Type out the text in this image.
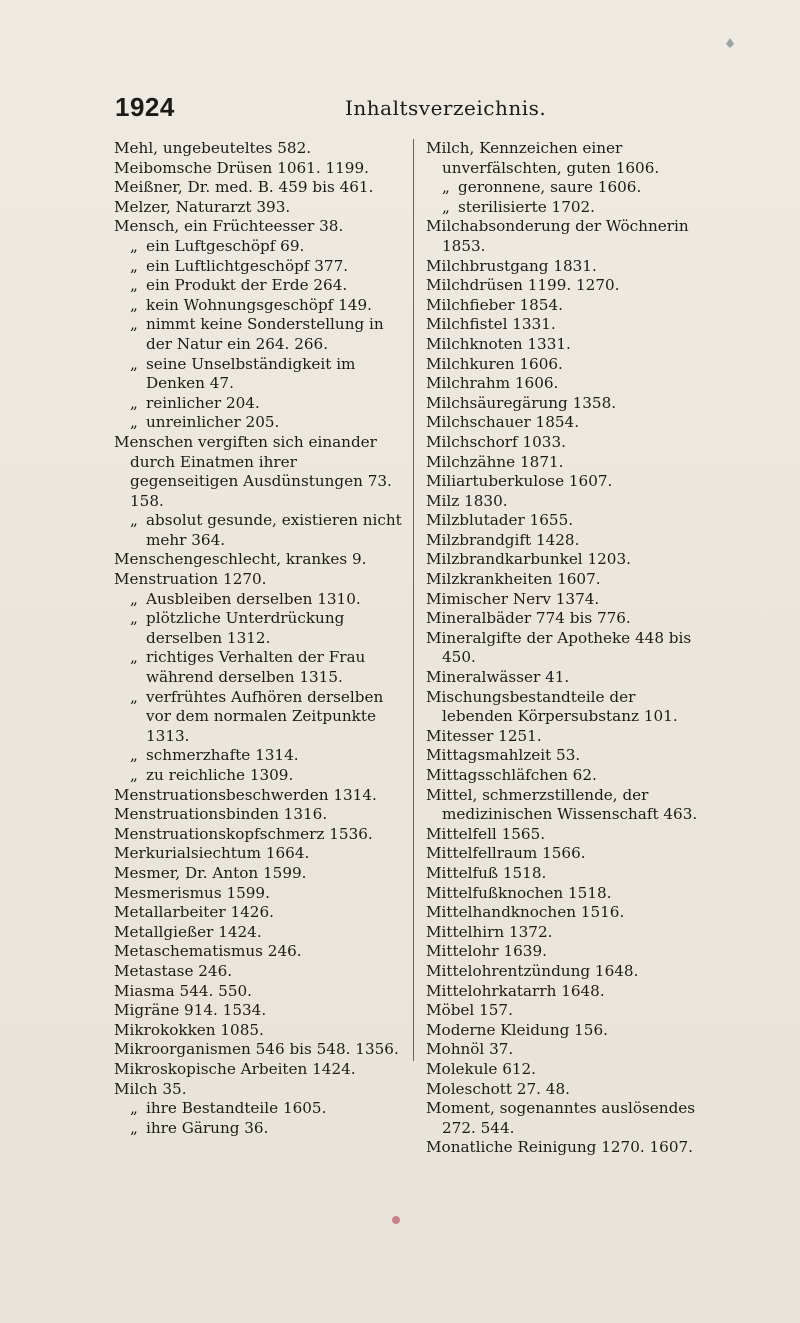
1924	Inhaltsverzeichnis.

Mehl, ungebeuteltes 582.

Meibomsche Drüsen 1061. 1199.

Meißner, Dr. med. B. 459 bis 461.

Melzer, Naturarzt 393.

Mensch, ein Früchteesser 38.

„ ein Luftgeschöpf 69.

„ ein Luftlichtgeschöpf 377.

„ ein Produkt der Erde 264.

„ kein Wohnungsgeschöpf 149.

„ nimmt keine Sonderstellung in der Natur ein 264. 266.

„ seine Unselbständigkeit im Denken 47.

„ reinlicher 204.

„ unreinlicher 205.

Menschen vergiften sich einander durch Einatmen ihrer gegenseitigen Ausdünstungen 73. 158.

„ absolut gesunde, existieren nicht mehr 364.

Menschengeschlecht, krankes 9.

Menstruation 1270.

„ Ausbleiben derselben 1310.

„ plötzliche Unterdrückung derselben 1312.

„ richtiges Verhalten der Frau während derselben 1315.

„ verfrühtes Aufhören derselben vor dem normalen Zeitpunkte 1313.

„ schmerzhafte 1314.

„ zu reichliche 1309.

Menstruationsbeschwerden 1314.

Menstruationsbinden 1316.

Menstruationskopfschmerz 1536.

Merkurialsiechtum 1664.

Mesmer, Dr. Anton 1599.

Mesmerismus 1599.

Metallarbeiter 1426.

Metallgießer 1424.

Metaschematismus 246.

Metastase 246.

Miasma 544. 550.

Migräne 914. 1534.

Mikrokokken 1085.

Mikroorganismen 546 bis 548. 1356.

Mikroskopische Arbeiten 1424.

Milch 35.

„ ihre Bestandteile 1605.

„ ihre Gärung 36.

Milch, Kennzeichen einer unverfälschten, guten 1606.

„ geronnene, saure 1606.

„ sterilisierte 1702.

Milchabsonderung der Wöchnerin 1853.

Milchbrustgang 1831.

Milchdrüsen 1199. 1270.

Milchfieber 1854.

Milchfistel 1331.

Milchknoten 1331.

Milchkuren 1606.

Milchrahm 1606.

Milchsäuregärung 1358.

Milchschauer 1854.

Milchschorf 1033.

Milchzähne 1871.

Miliartuberkulose 1607.

Milz 1830.

Milzblutader 1655.

Milzbrandgift 1428.

Milzbrandkarbunkel 1203.

Milzkrankheiten 1607.

Mimischer Nerv 1374.

Mineralbäder 774 bis 776.

Mineralgifte der Apotheke 448 bis 450.

Mineralwässer 41.

Mischungsbestandteile der lebenden Körpersubstanz 101.

Mitesser 1251.

Mittagsmahlzeit 53.

Mittagsschläfchen 62.

Mittel, schmerzstillende, der medizinischen Wissenschaft 463.

Mittelfell 1565.

Mittelfellraum 1566.

Mittelfuß 1518.

Mittelfußknochen 1518.

Mittelhandknochen 1516.

Mittelhirn 1372.

Mittelohr 1639.

Mittelohrentzündung 1648.

Mittelohrkatarrh 1648.

Möbel 157.

Moderne Kleidung 156.

Mohnöl 37.

Molekule 612.

Moleschott 27. 48.

Moment, sogenanntes auslösendes 272. 544.

Monatliche Reinigung 1270. 1607.
